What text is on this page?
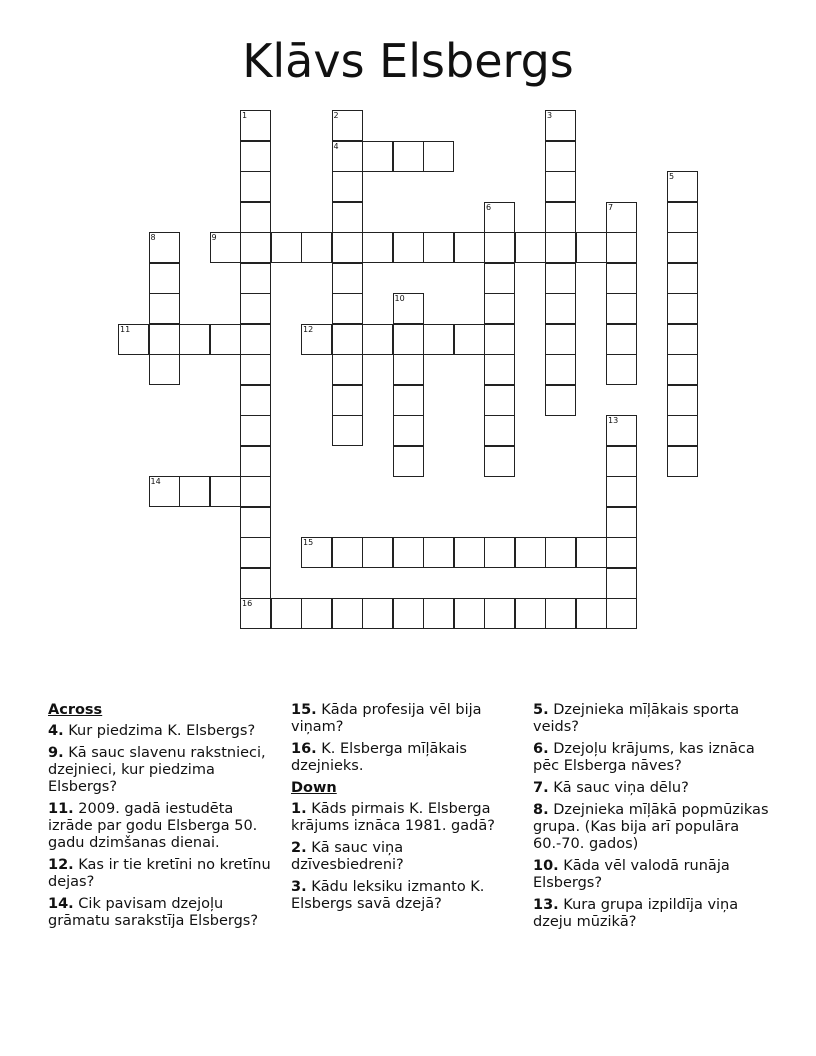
Klāvs Elsbergs
1
16
2
4
3
5
6	7
8	9
10
11	12
13
14
15
Across
4. Kur piedzima K. Elsbergs?
9. Kā sauc slavenu rakstnieci, dzejnieci, kur piedzima Elsbergs?
11. 2009. gadā iestudēta izrāde par godu Elsberga 50. gadu dzimšanas dienai.
12. Kas ir tie kretīni no kretīnu dejas?
14. Cik pavisam dzejoļu grāmatu sarakstīja Elsbergs?
15. Kāda profesija vēl bija viņam?
16. K. Elsberga mīļākais dzejnieks.
Down
1. Kāds pirmais K. Elsberga krājums iznāca 1981. gadā?
2. Kā sauc viņa dzīvesbiedreni?
3. Kādu leksiku izmanto K. Elsbergs savā dzejā?
5. Dzejnieka mīļākais sporta veids?
6. Dzejoļu krājums, kas iznāca pēc Elsberga nāves?
7. Kā sauc viņa dēlu?
8. Dzejnieka mīļākā popmūzikas grupa. (Kas bija arī populāra 60.-70. gados)
10. Kāda vēl valodā runāja Elsbergs?
13. Kura grupa izpildīja viņa dzeju mūzikā?
